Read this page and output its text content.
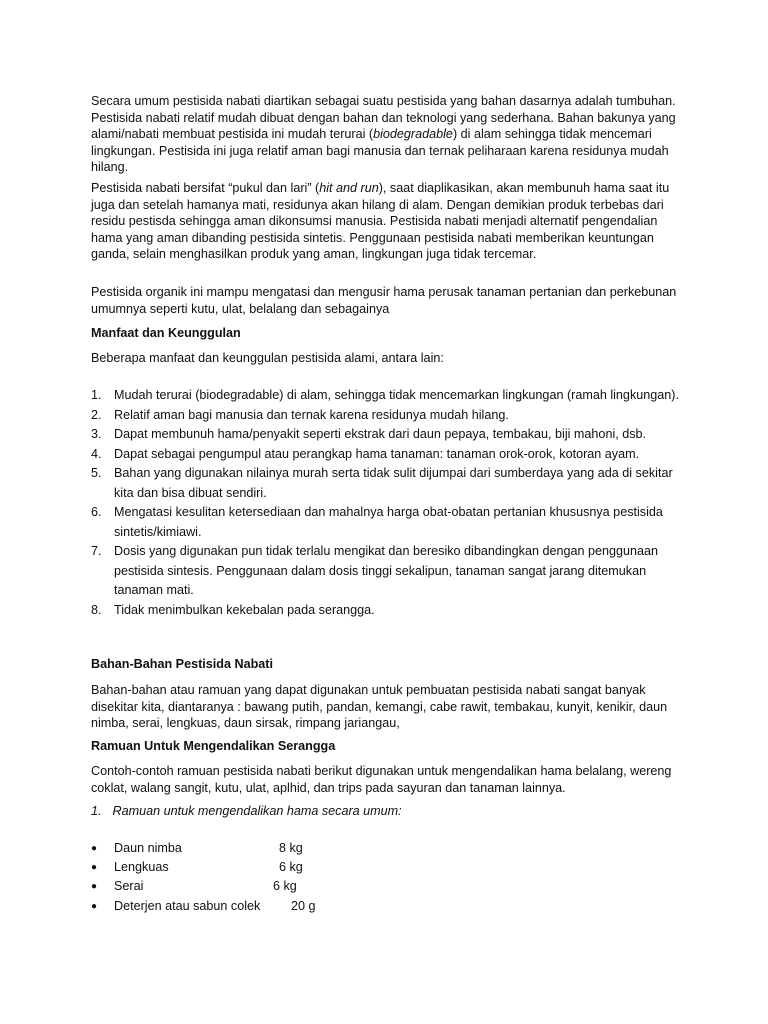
Secara umum pestisida nabati diartikan sebagai suatu pestisida yang bahan dasarnya adalah tumbuhan. Pestisida nabati relatif mudah dibuat dengan bahan dan teknologi yang sederhana. Bahan bakunya yang alami/nabati membuat pestisida ini mudah terurai (biodegradable) di alam sehingga tidak mencemari lingkungan. Pestisida ini juga relatif aman bagi manusia dan ternak peliharaan karena residunya mudah hilang.

Pestisida nabati bersifat “pukul dan lari” (hit and run), saat diaplikasikan, akan membunuh hama saat itu juga dan setelah hamanya mati, residunya akan hilang di alam. Dengan demikian produk terbebas dari residu pestisda sehingga aman dikonsumsi manusia. Pestisida nabati menjadi alternatif pengendalian hama yang aman dibanding pestisida sintetis. Penggunaan pestisida nabati memberikan keuntungan ganda, selain menghasilkan produk yang aman, lingkungan juga tidak tercemar.

Pestisida organik ini mampu mengatasi dan mengusir hama perusak tanaman pertanian dan perkebunan umumnya seperti kutu, ulat, belalang dan sebagainya

Manfaat dan Keunggulan

Beberapa manfaat dan keunggulan pestisida alami, antara lain:

1. Mudah terurai (biodegradable) di alam, sehingga tidak mencemarkan lingkungan (ramah lingkungan).
2. Relatif aman bagi manusia dan ternak karena residunya mudah hilang.
3. Dapat membunuh hama/penyakit seperti ekstrak dari daun pepaya, tembakau, biji mahoni, dsb.
4. Dapat sebagai pengumpul atau perangkap hama tanaman: tanaman orok-orok, kotoran ayam.
5. Bahan yang digunakan nilainya murah serta tidak sulit dijumpai dari sumberdaya yang ada di sekitar kita dan bisa dibuat sendiri.
6. Mengatasi kesulitan ketersediaan dan mahalnya harga obat-obatan pertanian khususnya pestisida sintetis/kimiawi.
7. Dosis yang digunakan pun tidak terlalu mengikat dan beresiko dibandingkan dengan penggunaan pestisida sintesis. Penggunaan dalam dosis tinggi sekalipun, tanaman sangat jarang ditemukan tanaman mati.
8. Tidak menimbulkan kekebalan pada serangga.
Bahan-Bahan Pestisida Nabati

Bahan-bahan atau ramuan yang dapat digunakan untuk pembuatan pestisida nabati sangat banyak disekitar kita, diantaranya : bawang putih, pandan, kemangi, cabe rawit, tembakau, kunyit, kenikir, daun nimba, serai, lengkuas, daun sirsak, rimpang jariangau,

Ramuan Untuk Mengendalikan Serangga

Contoh-contoh ramuan pestisida nabati berikut digunakan untuk mengendalikan hama belalang, wereng coklat, walang sangit, kutu, ulat, aplhid, dan trips pada sayuran dan tanaman lainnya.

1. Ramuan untuk mengendalikan hama secara umum:

● Daun nimba	8 kg
● Lengkuas	6 kg
● Serai	6 kg
● Deterjen atau sabun colek 20 g
